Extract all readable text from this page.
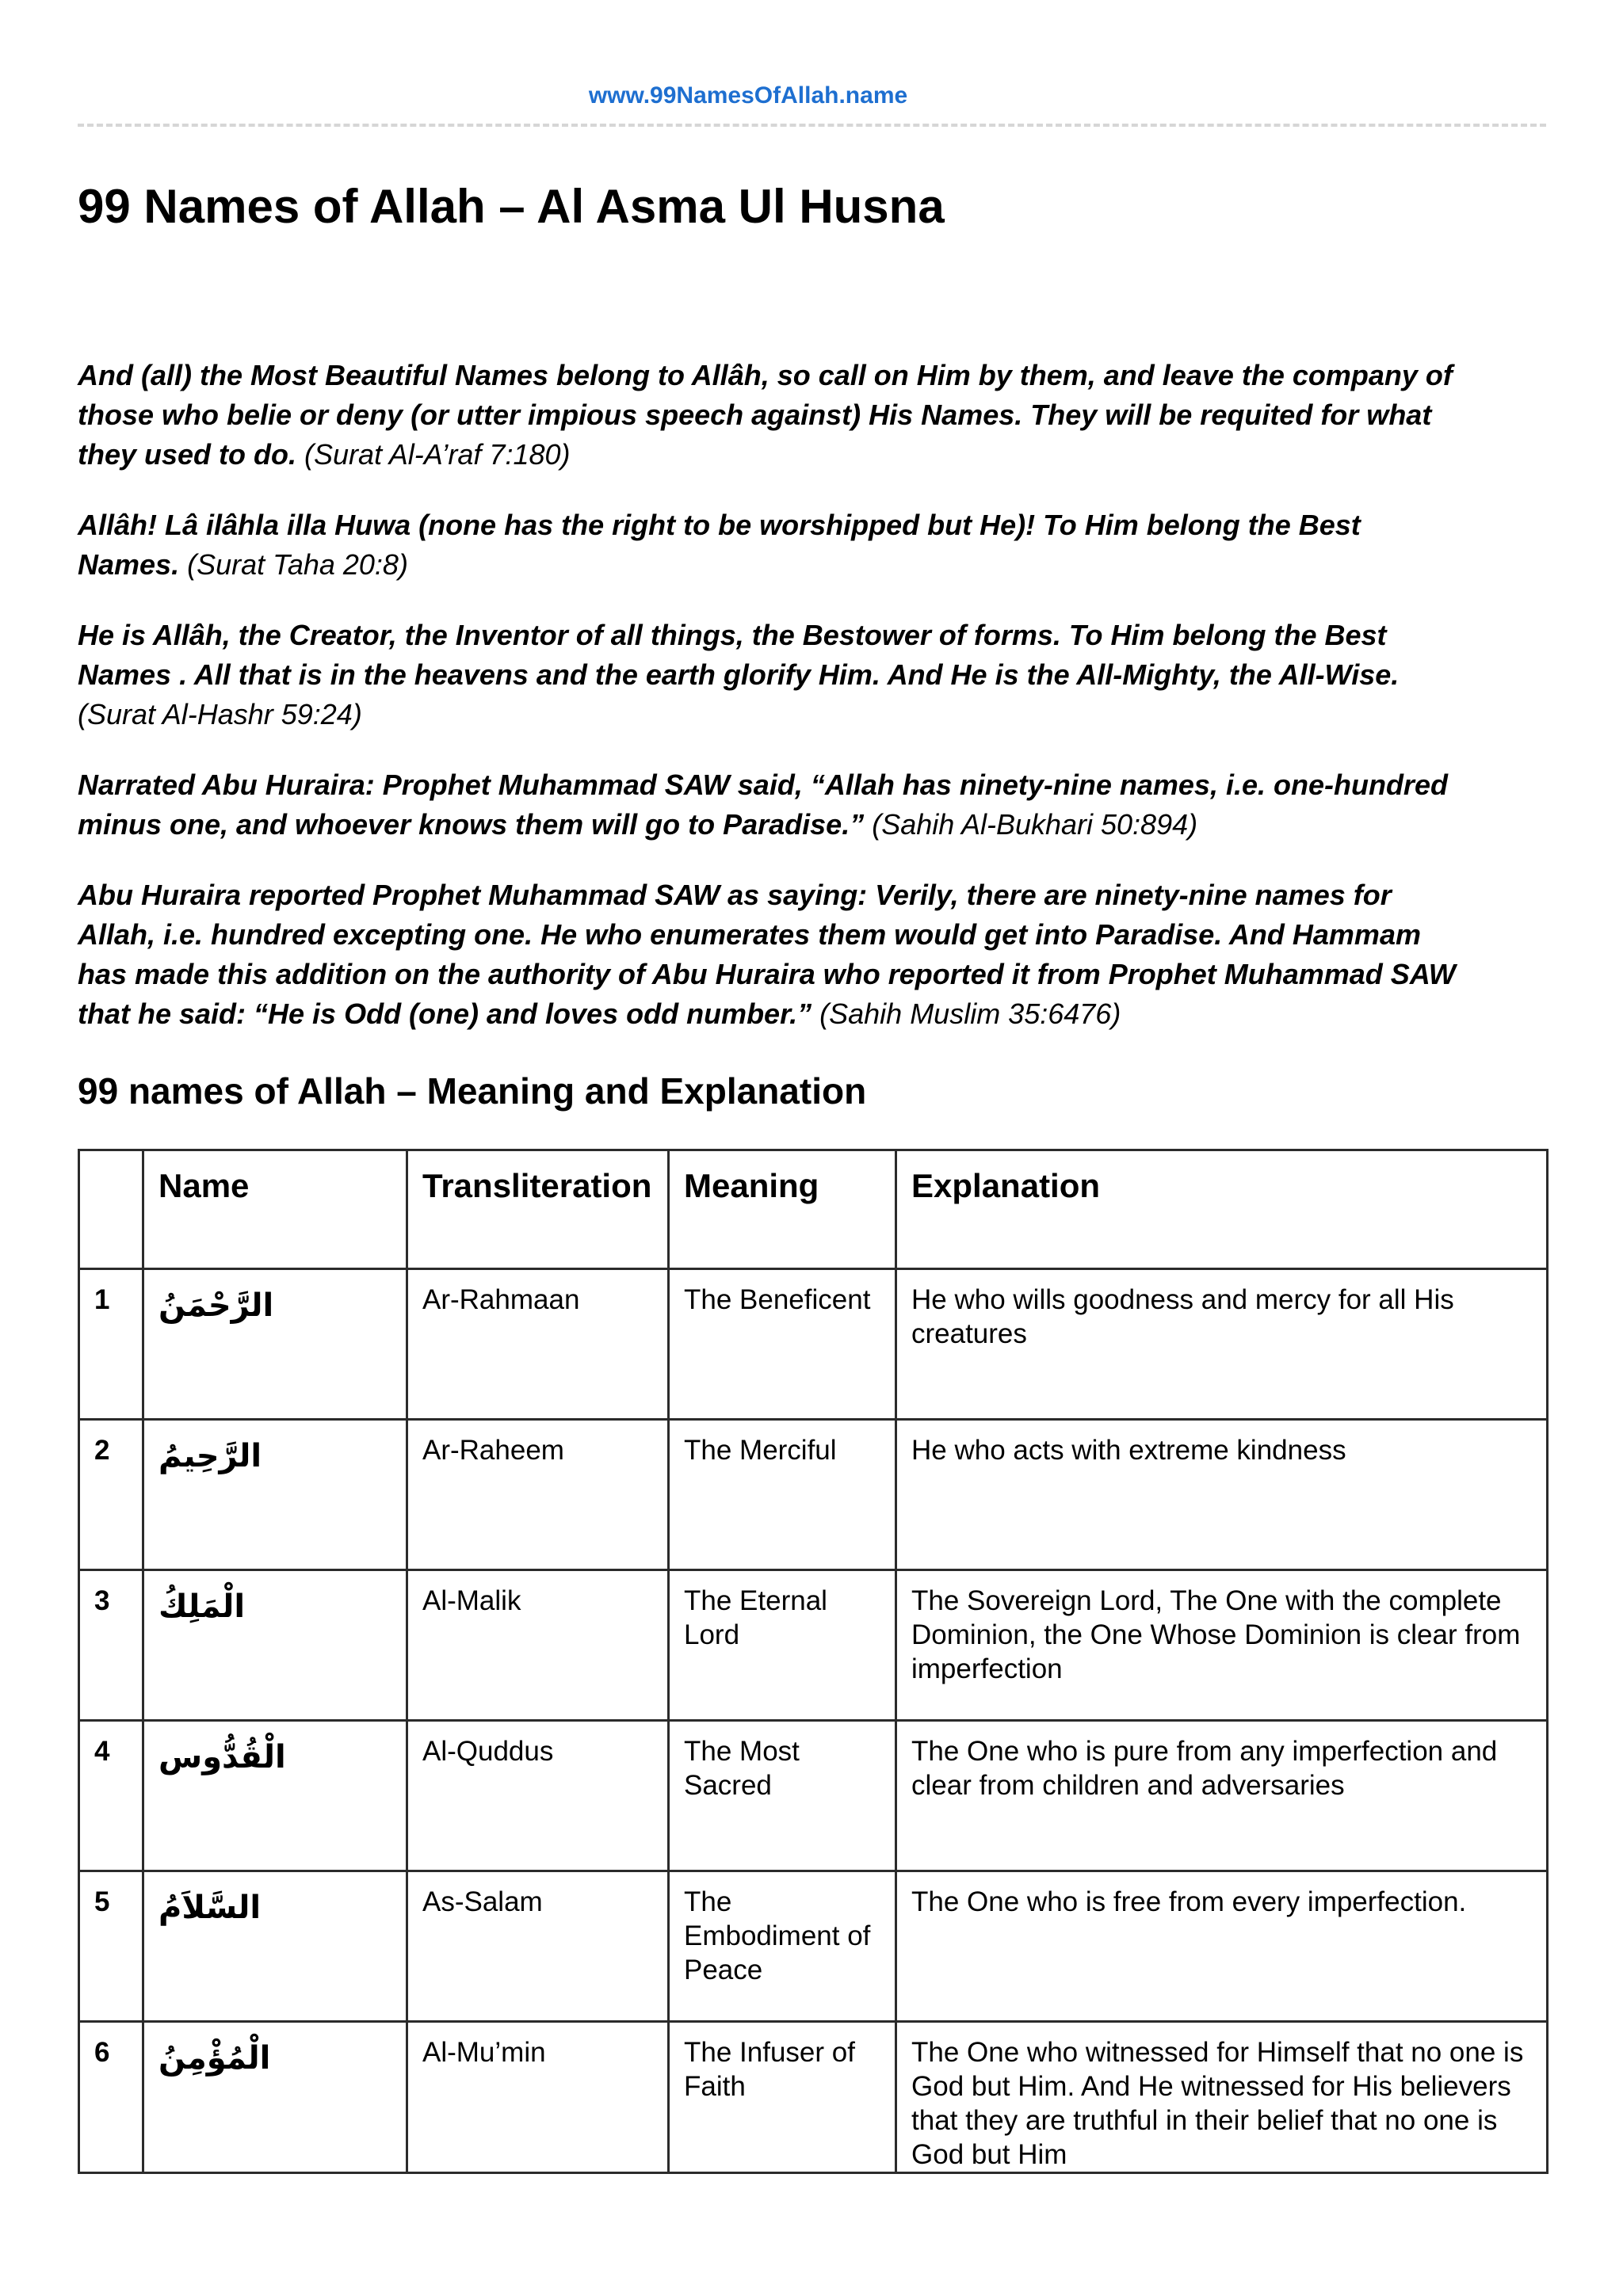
www.99NamesOfAllah.name
99 Names of Allah – Al Asma Ul Husna

And (all) the Most Beautiful Names belong to Allâh, so call on Him by them, and leave the company of those who belie or deny (or utter impious speech against) His Names. They will be requited for what they used to do. (Surat Al-A’raf 7:180)

Allâh! Lâ ilâhla illa Huwa (none has the right to be worshipped but He)! To Him belong the Best Names. (Surat Taha 20:8)

He is Allâh, the Creator, the Inventor of all things, the Bestower of forms. To Him belong the Best Names . All that is in the heavens and the earth glorify Him. And He is the All-Mighty, the All-Wise. (Surat Al-Hashr 59:24)

Narrated Abu Huraira: Prophet Muhammad SAW said, “Allah has ninety-nine names, i.e. one-hundred minus one, and whoever knows them will go to Paradise.” (Sahih Al-Bukhari 50:894)

Abu Huraira reported Prophet Muhammad SAW as saying: Verily, there are ninety-nine names for Allah, i.e. hundred excepting one. He who enumerates them would get into Paradise. And Hammam has made this addition on the authority of Abu Huraira who reported it from Prophet Muhammad SAW that he said: “He is Odd (one) and loves odd number.” (Sahih Muslim 35:6476)

99 names of Allah – Meaning and Explanation
	Name	Transliteration	Meaning	Explanation
1	الرَّحْمَنُ	Ar-Rahmaan	The Beneficent	He who wills goodness and mercy for all His creatures
2	الرَّحِيمُ	Ar-Raheem	The Merciful	He who acts with extreme kindness
3	الْمَلِكُ	Al-Malik	The Eternal Lord	The Sovereign Lord, The One with the complete Dominion, the One Whose Dominion is clear from imperfection
4	الْقُدُّوس	Al-Quddus	The Most Sacred	The One who is pure from any imperfection and clear from children and adversaries
5	السَّلاَمُ	As-Salam	The Embodiment of Peace	The One who is free from every imperfection.
6	الْمُؤْمِنُ	Al-Mu’min	The Infuser of Faith	The One who witnessed for Himself that no one is God but Him. And He witnessed for His believers that they are truthful in their belief that no one is God but Him
